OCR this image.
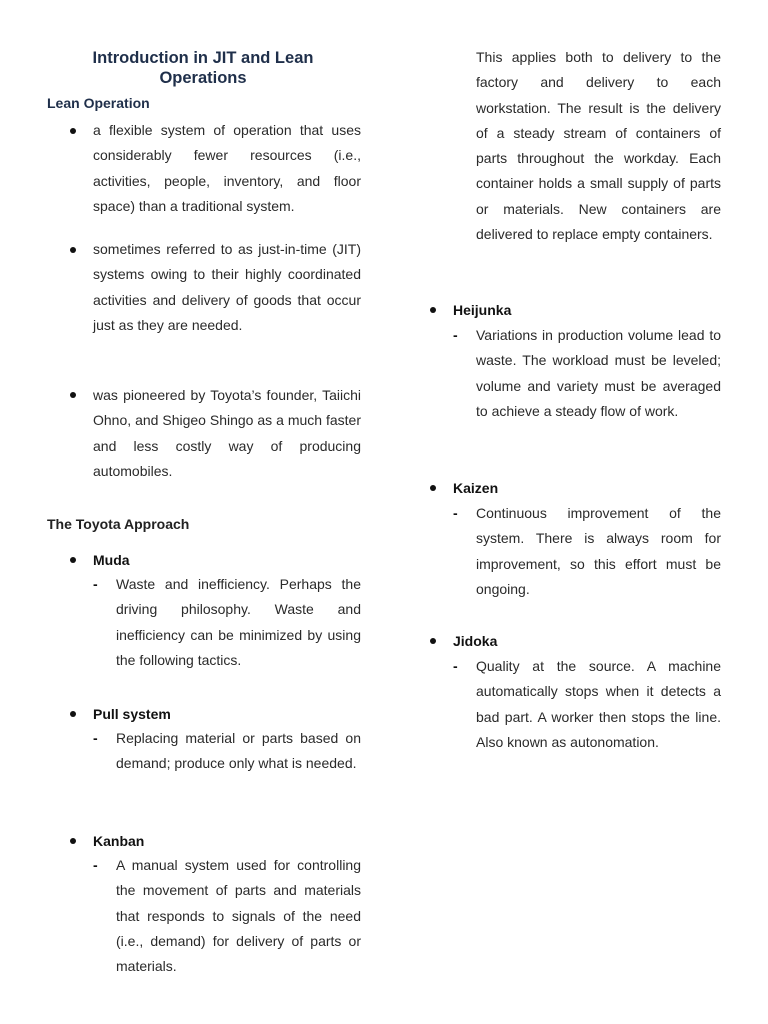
Introduction in JIT and Lean Operations
Lean Operation
a flexible system of operation that uses considerably fewer resources (i.e., activities, people, inventory, and floor space) than a traditional system.
sometimes referred to as just-in-time (JIT) systems owing to their highly coordinated activities and delivery of goods that occur just as they are needed.
was pioneered by Toyota’s founder, Taiichi Ohno, and Shigeo Shingo as a much faster and less costly way of producing automobiles.
The Toyota Approach
Muda
- Waste and inefficiency. Perhaps the driving philosophy. Waste and inefficiency can be minimized by using the following tactics.
Pull system
- Replacing material or parts based on demand; produce only what is needed.
Kanban
- A manual system used for controlling the movement of parts and materials that responds to signals of the need (i.e., demand) for delivery of parts or materials.
This applies both to delivery to the factory and delivery to each workstation. The result is the delivery of a steady stream of containers of parts throughout the workday. Each container holds a small supply of parts or materials. New containers are delivered to replace empty containers.
Heijunka
- Variations in production volume lead to waste. The workload must be leveled; volume and variety must be averaged to achieve a steady flow of work.
Kaizen
- Continuous improvement of the system. There is always room for improvement, so this effort must be ongoing.
Jidoka
- Quality at the source. A machine automatically stops when it detects a bad part. A worker then stops the line. Also known as autonomation.
